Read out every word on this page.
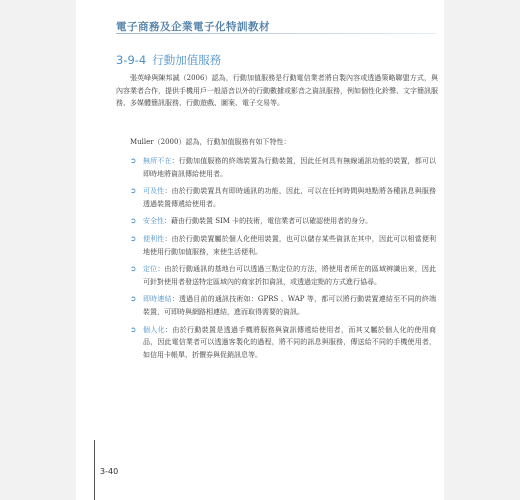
電子商務及企業電子化特訓教材
3-9-4 行動加值服務

張英峰與陳邦誠（2006）認為，行動加值服務是行動電信業者將自製內容或透過策略聯盟方式，與內容業者合作，提供手機用戶一般語音以外的行動數據或影音之資訊服務，例如個性化鈴聲、文字簡訊服務、多媒體簡訊服務、行動遊戲、圖案、電子交易等。

Muller（2000）認為，行動加值服務有如下特性：

➲ 無所不在：行動加值服務的終端裝置為行動裝置，因此任何具有無線通訊功能的裝置，都可以即時地將資訊傳給使用者。
➲ 可及性：由於行動裝置具有即時通訊的功能，因此，可以在任何時間與地點將各種訊息與服務透過裝置傳遞給使用者。
➲ 安全性：藉由行動裝置 SIM 卡的技術，電信業者可以確認使用者的身分。
➲ 便利性：由於行動裝置屬於個人化使用裝置，也可以儲存某些資訊在其中，因此可以相當便利地使用行動加值服務，來使生活便利。
➲ 定位：由於行動通訊的基地台可以透過三點定位的方法，將使用者所在的區域辨識出來，因此可針對使用者發送特定區域內的商家折扣資訊，或透過定點的方式進行協尋。
➲ 即時連結：透過目前的通訊技術如：GPRS 、WAP 等，都可以將行動裝置連結至不同的終端裝置，可即時與網路相連結，進而取得需要的資訊。
➲ 個人化：由於行動裝置是透過手機將服務與資訊傳遞給使用者，而其又屬於個人化的使用商品，因此電信業者可以透過客製化的過程，將不同的訊息與服務，傳送給不同的手機使用者，如信用卡帳單、折價券與促銷訊息等。
3-40
